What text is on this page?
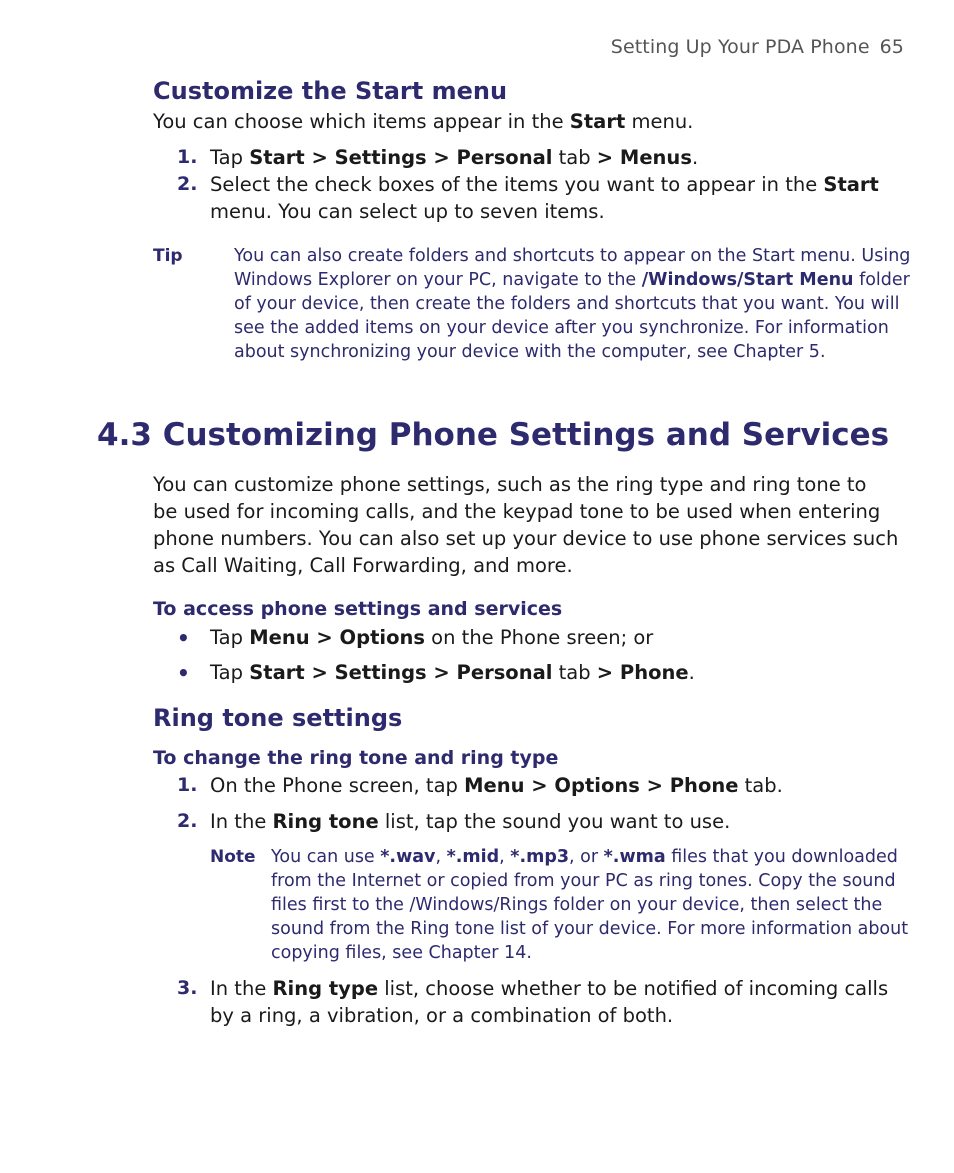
Setting Up Your PDA Phone 65
Customize the Start menu
You can choose which items appear in the Start menu.
1. Tap Start > Settings > Personal tab > Menus.
2. Select the check boxes of the items you want to appear in the Start
menu. You can select up to seven items.
Tip	You can also create folders and shortcuts to appear on the Start menu. Using
Windows Explorer on your PC, navigate to the /Windows/Start Menu folder
of your device, then create the folders and shortcuts that you want. You will
see the added items on your device after you synchronize. For information
about synchronizing your device with the computer, see Chapter 5.
4.3 Customizing Phone Settings and Services
You can customize phone settings, such as the ring type and ring tone to
be used for incoming calls, and the keypad tone to be used when entering
phone numbers. You can also set up your device to use phone services such
as Call Waiting, Call Forwarding, and more.
To access phone settings and services
• Tap Menu > Options on the Phone sreen; or
• Tap Start > Settings > Personal tab > Phone.
Ring tone settings
To change the ring tone and ring type
1. On the Phone screen, tap Menu > Options > Phone tab.
2. In the Ring tone list, tap the sound you want to use.
Note You can use *.wav, *.mid, *.mp3, or *.wma files that you downloaded
from the Internet or copied from your PC as ring tones. Copy the sound
files first to the /Windows/Rings folder on your device, then select the
sound from the Ring tone list of your device. For more information about
copying files, see Chapter 14.
3. In the Ring type list, choose whether to be notified of incoming calls
by a ring, a vibration, or a combination of both.
